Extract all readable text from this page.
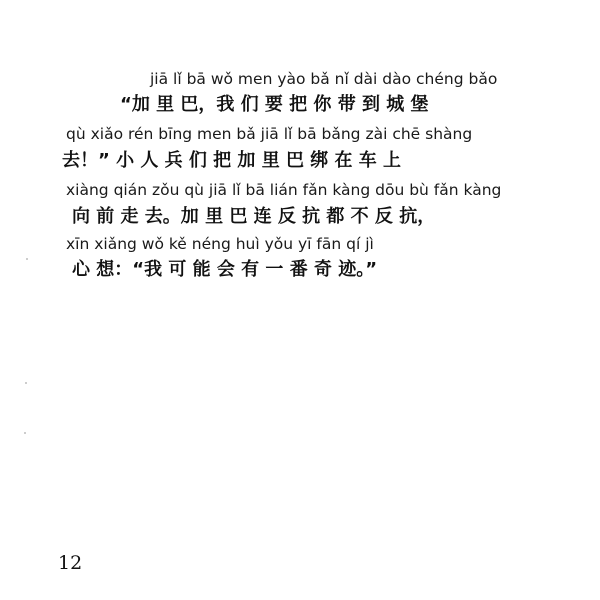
jiā lǐ bā wǒ men yào bǎ nǐ dài dào chéng bǎo
“加 里 巴，我 们 要 把 你 带 到 城 堡
qù xiǎo rén bīng men bǎ jiā lǐ bā bǎng zài chē shàng
去！” 小 人 兵 们 把 加 里 巴 绑 在 车 上
xiàng qián zǒu qù jiā lǐ bā lián fǎn kàng dōu bù fǎn kàng
向 前 走 去。加 里 巴 连 反 抗 都 不 反 抗，
xīn xiǎng wǒ kě néng huì yǒu yī fān qí jì
心 想：“我 可 能 会 有 一 番 奇 迹。”
12
